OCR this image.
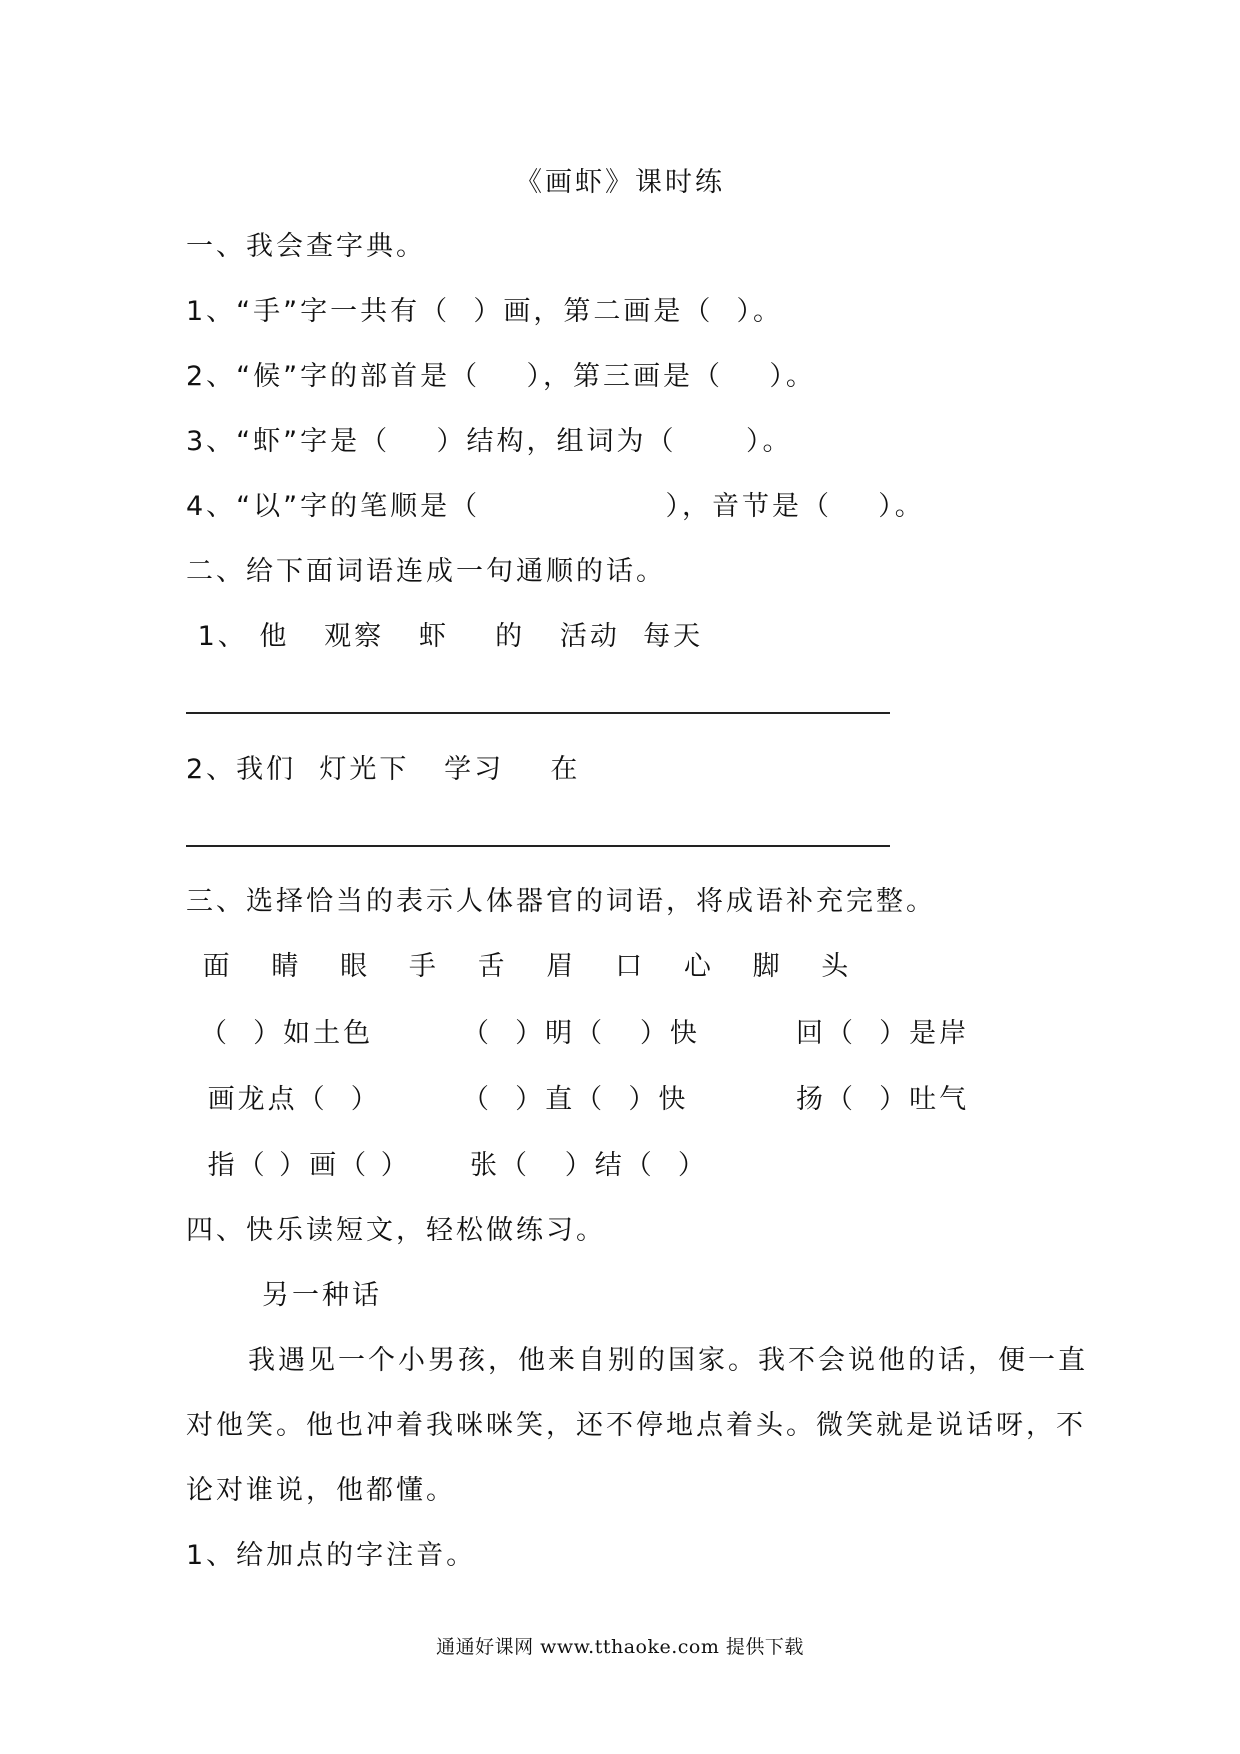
《画虾》课时练
一、我会查字典。
1、“手”字一共有（  ）画，第二画是（  ）。
2、“候”字的部首是（    ），第三画是（    ）。
3、“虾”字是（    ）结构，组词为（      ）。
4、“以”字的笔顺是（                ），音节是（    ）。
二、给下面词语连成一句通顺的话。
1、 他   观察   虾    的   活动  每天
2、我们  灯光下   学习    在
三、选择恰当的表示人体器官的词语，将成语补充完整。
面   睛   眼   手   舌   眉   口   心   脚   头
（  ）如土色	（  ）明（   ）快	回（  ）是岸
画龙点（  ）	（  ）直（  ）快	扬（  ）吐气
指（ ）画（ ） 张（   ）结（  ）
四、快乐读短文，轻松做练习。
另一种话
我遇见一个小男孩，他来自别的国家。我不会说他的话，便一直
对他笑。他也冲着我咪咪笑，还不停地点着头。微笑就是说话呀，不
论对谁说，他都懂。
1、给加点的字注音。
通通好课网 www.tthaoke.com 提供下载
